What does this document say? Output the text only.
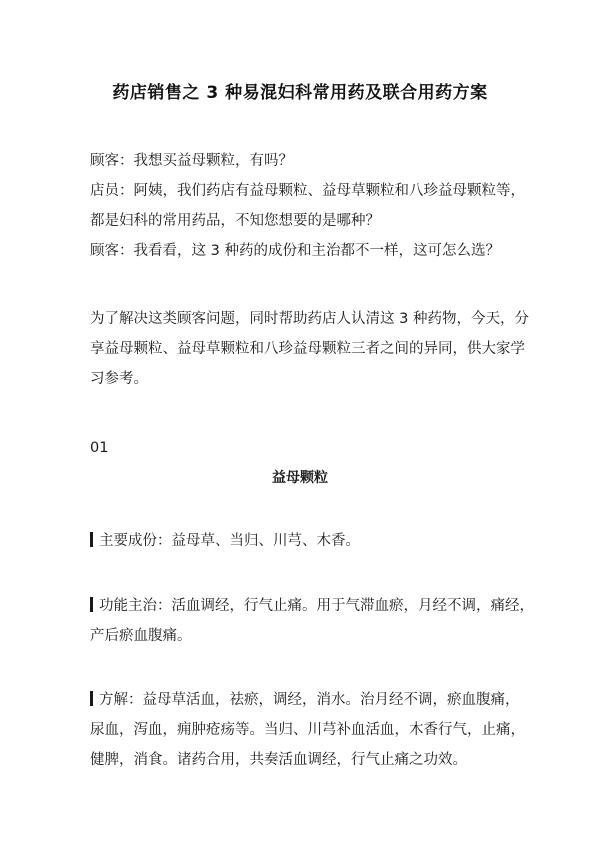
药店销售之 3 种易混妇科常用药及联合用药方案
顾客：我想买益母颗粒，有吗？
店员：阿姨，我们药店有益母颗粒、益母草颗粒和八珍益母颗粒等，
都是妇科的常用药品，不知您想要的是哪种？
顾客：我看看，这 3 种药的成份和主治都不一样，这可怎么选？
为了解决这类顾客问题，同时帮助药店人认清这 3 种药物，今天，分
享益母颗粒、益母草颗粒和八珍益母颗粒三者之间的异同，供大家学
习参考。
01
益母颗粒
主要成份：益母草、当归、川芎、木香。
功能主治：活血调经，行气止痛。用于气滞血瘀，月经不调，痛经，
产后瘀血腹痛。
方解：益母草活血，祛瘀，调经，消水。治月经不调，瘀血腹痛，
尿血，泻血，痈肿疮疡等。当归、川芎补血活血，木香行气，止痛，
健脾，消食。诸药合用，共奏活血调经，行气止痛之功效。
